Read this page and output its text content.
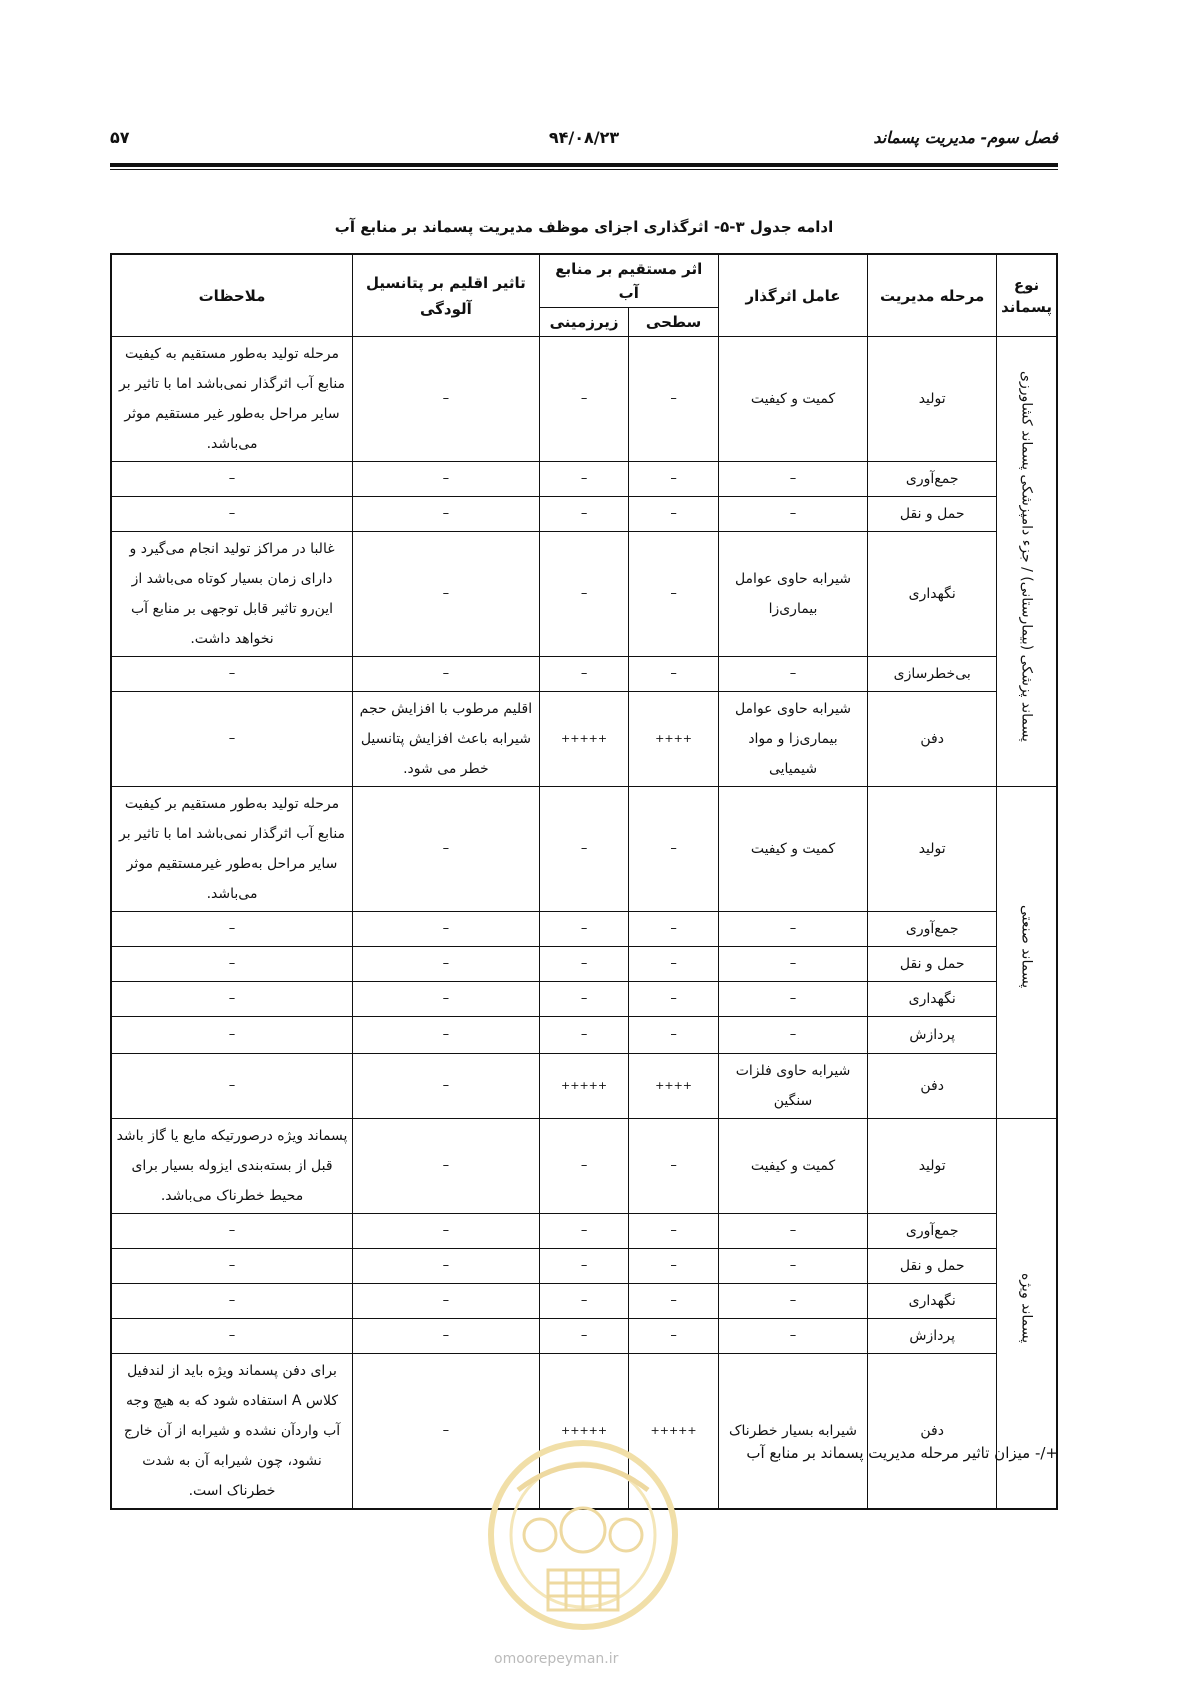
فصل سوم- مدیریت پسماند
۹۴/۰۸/۲۳
۵۷
ادامه جدول ۳-۵- اثرگذاری اجزای موظف مدیریت پسماند بر منابع آب
نوع پسماند	مرحله مدیریت	عامل اثرگذار	اثر مستقیم بر منابع آب		تاثیر اقلیم بر پتانسیل آلودگی	ملاحظات
			سطحی	زیرزمینی		
پسماند پزشکی (بیمارستانی) / جزء دامپزشکی پسماند کشاورزی	تولید	کمیت و کیفیت	–	–	–	مرحله تولید به‌طور مستقیم به کیفیت منابع آب اثرگذار نمی‌باشد اما با تاثیر بر سایر مراحل به‌طور غیر مستقیم موثر می‌باشد.
	جمع‌آوری	–	–	–	–	–
	حمل و نقل	–	–	–	–	–
	نگهداری	شیرابه حاوی عوامل بیماری‌زا	–	–	–	غالبا در مراکز تولید انجام می‌گیرد و دارای زمان بسیار کوتاه می‌باشد از این‌رو تاثیر قابل توجهی بر منابع آب نخواهد داشت.
	بی‌خطرسازی	–	–	–	–	–
	دفن	شیرابه حاوی عوامل بیماری‌زا و مواد شیمیایی	++++	+++++	اقلیم مرطوب با افزایش حجم شیرابه باعث افزایش پتانسیل خطر می شود.	–
پسماند صنعتی	تولید	کمیت و کیفیت	–	–	–	مرحله تولید به‌طور مستقیم بر کیفیت منابع آب اثرگذار نمی‌باشد اما با تاثیر بر سایر مراحل به‌طور غیرمستقیم موثر می‌باشد.
	جمع‌آوری	–	–	–	–	–
	حمل و نقل	–	–	–	–	–
	نگهداری	–	–	–	–	–
	پردازش	–	–	–	–	–
	دفن	شیرابه حاوی فلزات سنگین	++++	+++++	–	–
پسماند ویژه	تولید	کمیت و کیفیت	–	–	–	پسماند ویژه درصورتیکه مایع یا گاز باشد قبل از بسته‌بندی ایزوله بسیار برای محیط خطرناک می‌باشد.
	جمع‌آوری	–	–	–	–	–
	حمل و نقل	–	–	–	–	–
	نگهداری	–	–	–	–	–
	پردازش	–	–	–	–	–
	دفن	شیرابه بسیار خطرناک	+++++	+++++	–	برای دفن پسماند ویژه باید از لندفیل کلاس A استفاده شود که به هیچ وجه آب واردآن نشده و شیرابه از آن خارج نشود، چون شیرابه آن به شدت خطرناک است.
+/- میزان تاثیر مرحله مدیریت پسماند بر منابع آب
omoorepeyman.ir
